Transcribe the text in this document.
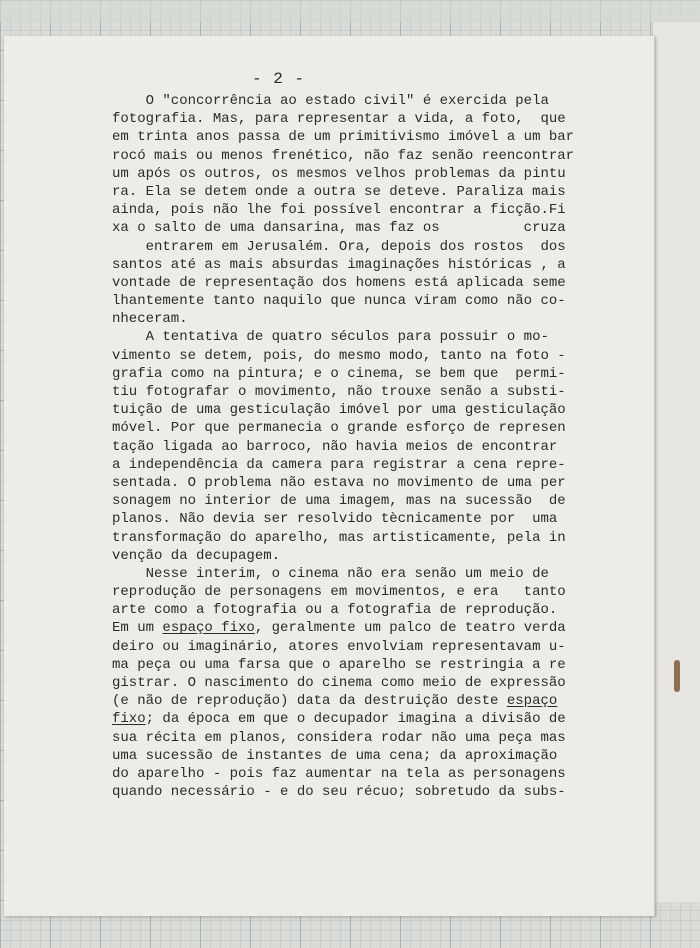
- 2 -
O "concorrência ao estado civil" é exercida pela
fotografia. Mas, para representar a vida, a foto,  que
em trinta anos passa de um primitivismo imóvel a um bar
rocó mais ou menos frenético, não faz senão reencontrar
um após os outros, os mesmos velhos problemas da pintu
ra. Ela se detem onde a outra se deteve. Paraliza mais
ainda, pois não lhe foi possível encontrar a ficção.Fi
xa o salto de uma dansarina, mas faz os          cruza
entrarem em Jerusalém. Ora, depois dos rostos  dos
santos até as mais absurdas imaginações históricas , a
vontade de representação dos homens está aplicada seme
lhantemente tanto naquilo que nunca viram como não co-
nheceram.
A tentativa de quatro séculos para possuir o mo-
vimento se detem, pois, do mesmo modo, tanto na foto -
grafia como na pintura; e o cinema, se bem que  permi-
tiu fotografar o movimento, não trouxe senão a substi-
tuição de uma gesticulação imóvel por uma gesticulação
móvel. Por que permanecia o grande esforço de represen
tação ligada ao barroco, não havia meios de encontrar
a independência da camera para registrar a cena repre-
sentada. O problema não estava no movimento de uma per
sonagem no interior de uma imagem, mas na sucessão  de
planos. Não devia ser resolvido tècnicamente por  uma
transformação do aparelho, mas artisticamente, pela in
venção da decupagem.
Nesse interim, o cinema não era senão um meio de
reprodução de personagens em movimentos, e era   tanto
arte como a fotografia ou a fotografia de reprodução.
Em um espaço fixo, geralmente um palco de teatro verda
deiro ou imaginário, atores envolviam representavam u-
ma peça ou uma farsa que o aparelho se restringia a re
gistrar. O nascimento do cinema como meio de expressão
(e não de reprodução) data da destruição deste espaço
fixo; da época em que o decupador imagina a divisão de
sua récita em planos, considera rodar não uma peça mas
uma sucessão de instantes de uma cena; da aproximação
do aparelho - pois faz aumentar na tela as personagens
quando necessário - e do seu récuo; sobretudo da subs-
